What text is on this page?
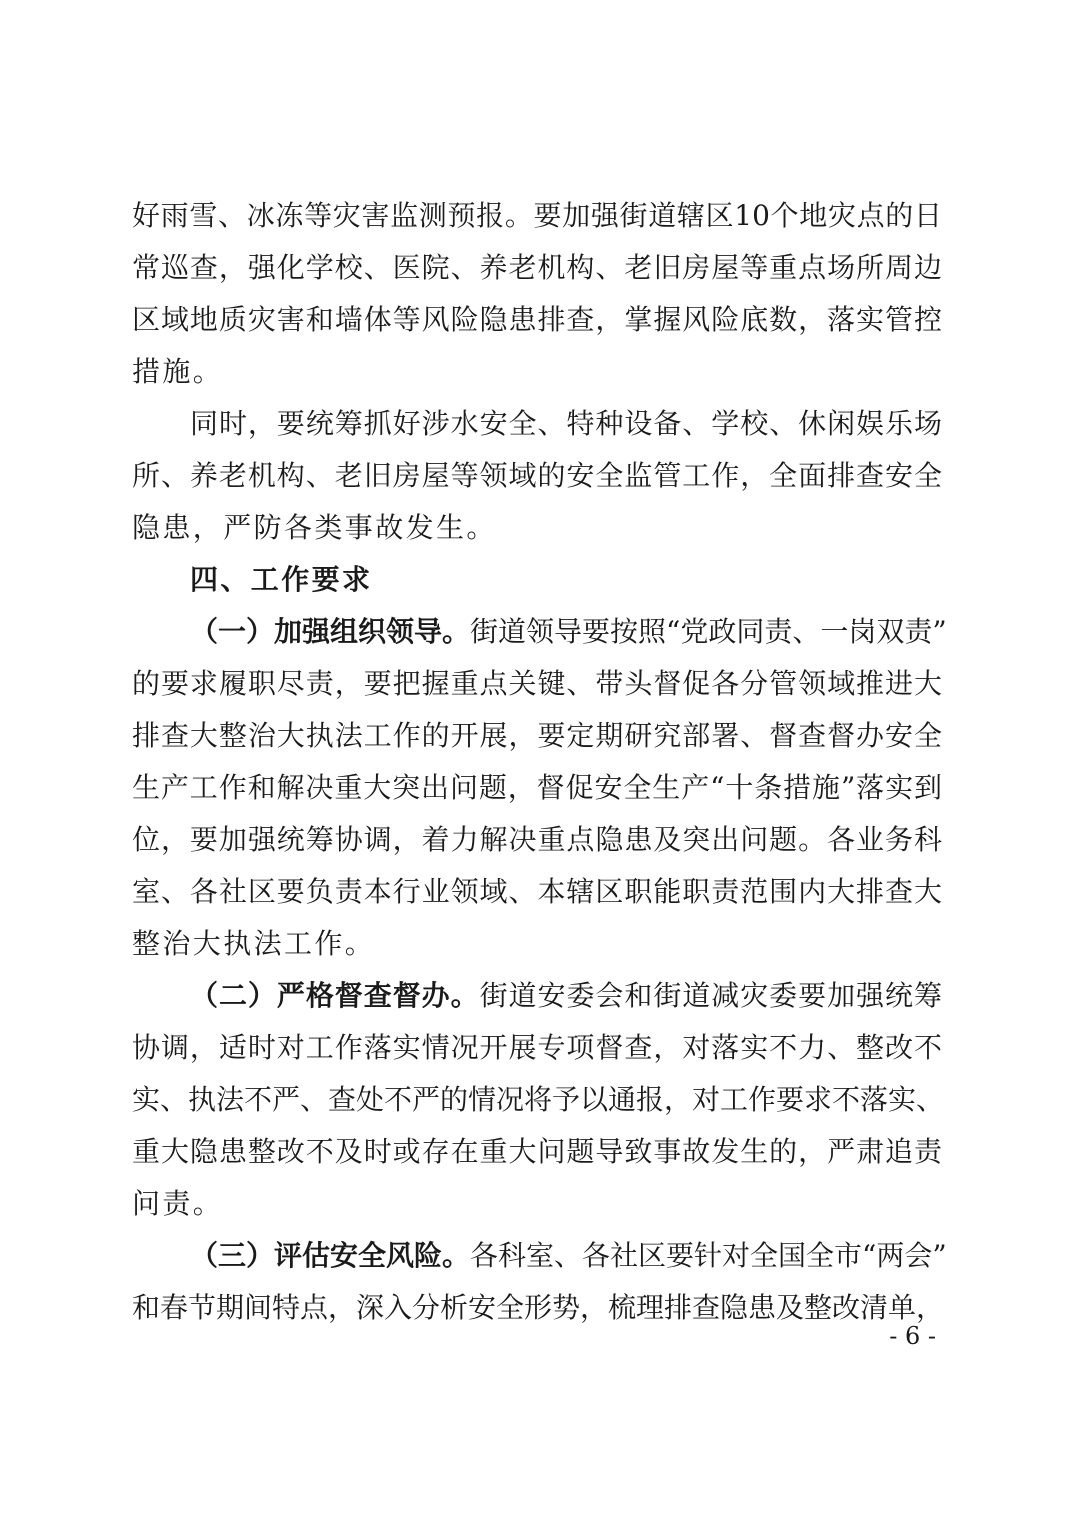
好雨雪、冰冻等灾害监测预报。要加强街道辖区10个地灾点的日
常巡查，强化学校、医院、养老机构、老旧房屋等重点场所周边
区域地质灾害和墙体等风险隐患排查，掌握风险底数，落实管控
措施。
同时，要统筹抓好涉水安全、特种设备、学校、休闲娱乐场
所、养老机构、老旧房屋等领域的安全监管工作，全面排查安全
隐患，严防各类事故发生。
四、工作要求
（一）加强组织领导。街道领导要按照“党政同责、一岗双责”
的要求履职尽责，要把握重点关键、带头督促各分管领域推进大
排查大整治大执法工作的开展，要定期研究部署、督查督办安全
生产工作和解决重大突出问题，督促安全生产“十条措施”落实到
位，要加强统筹协调，着力解决重点隐患及突出问题。各业务科
室、各社区要负责本行业领域、本辖区职能职责范围内大排查大
整治大执法工作。
（二）严格督查督办。街道安委会和街道减灾委要加强统筹
协调，适时对工作落实情况开展专项督查，对落实不力、整改不
实、执法不严、查处不严的情况将予以通报，对工作要求不落实、
重大隐患整改不及时或存在重大问题导致事故发生的，严肃追责
问责。
（三）评估安全风险。各科室、各社区要针对全国全市“两会”
和春节期间特点，深入分析安全形势，梳理排查隐患及整改清单，
- 6 -
